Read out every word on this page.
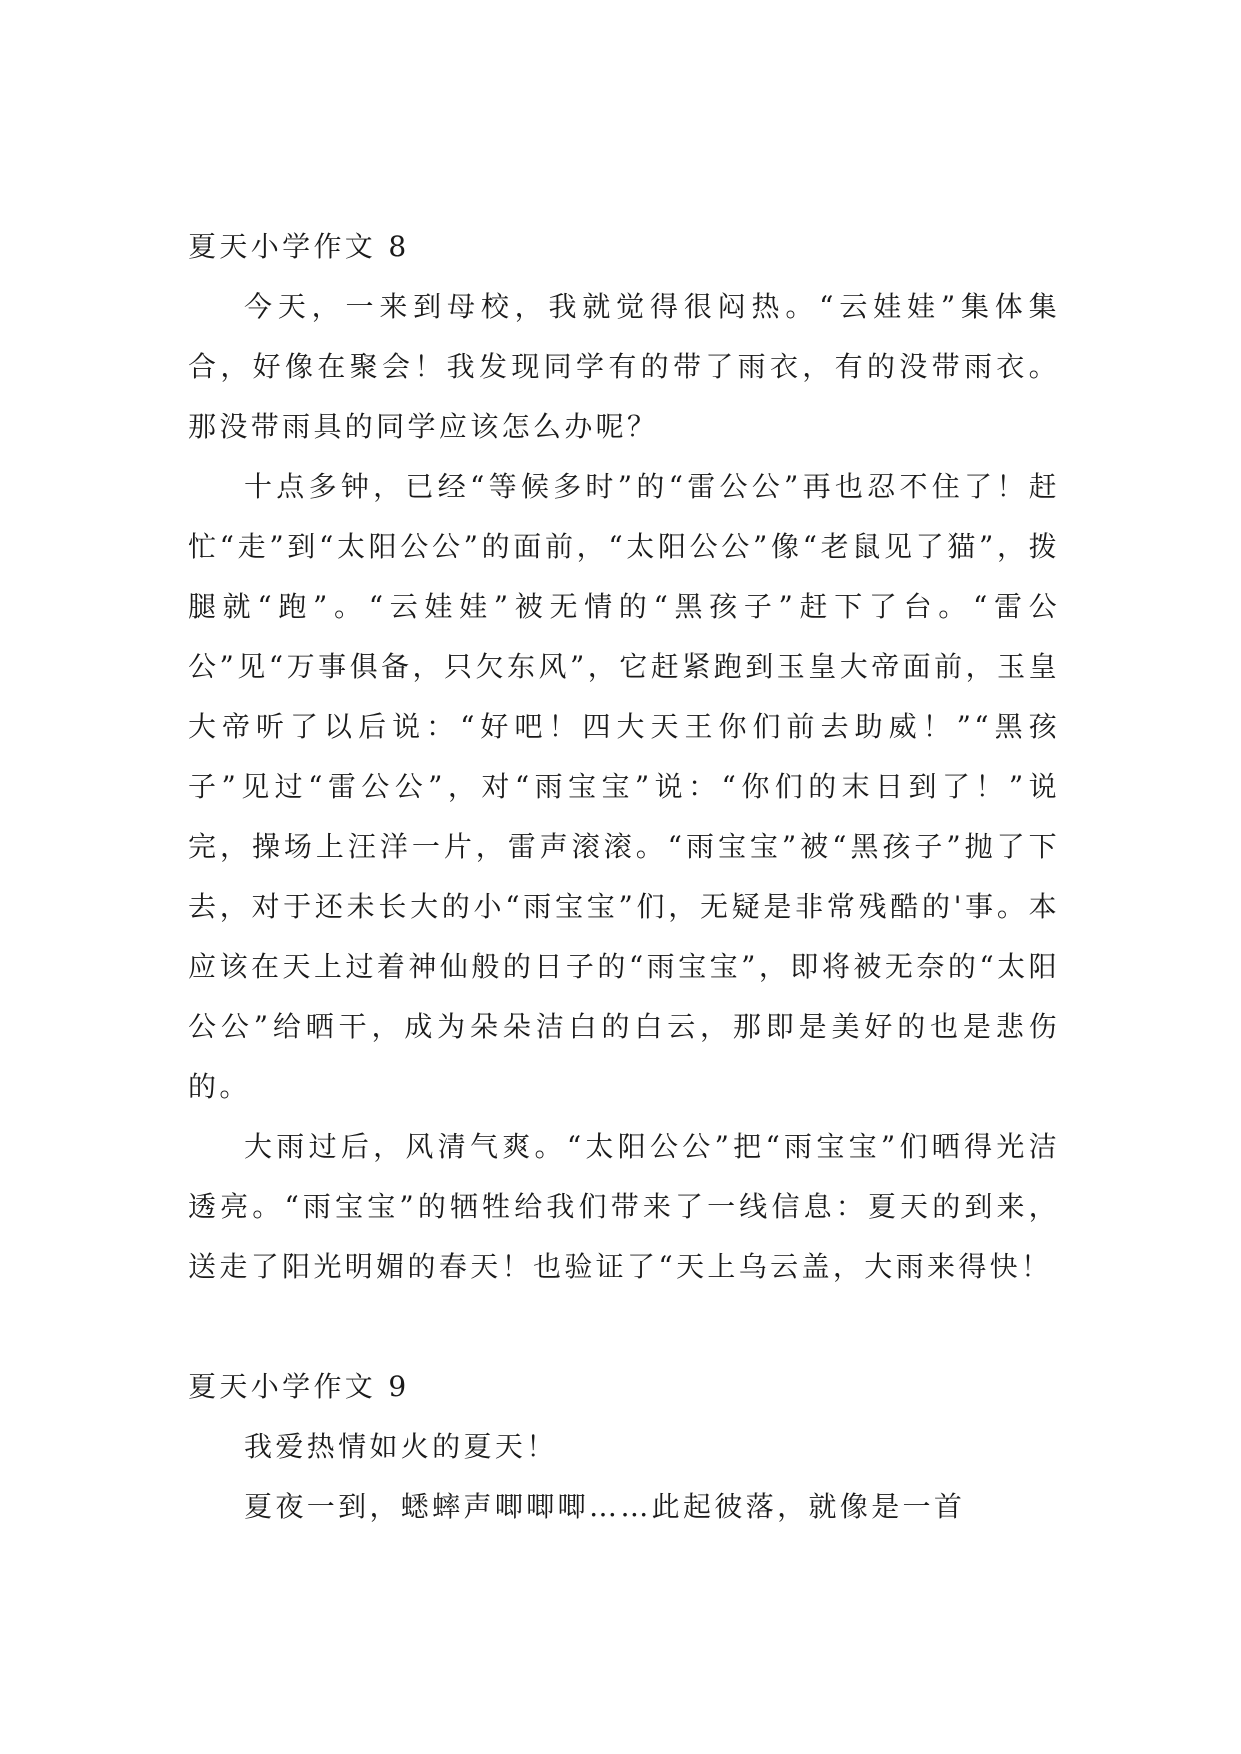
夏天小学作文 8

今天，一来到母校，我就觉得很闷热。“云娃娃”集体集合，好像在聚会！我发现同学有的带了雨衣，有的没带雨衣。那没带雨具的同学应该怎么办呢？

十点多钟，已经“等候多时”的“雷公公”再也忍不住了！赶忙“走”到“太阳公公”的面前，“太阳公公”像“老鼠见了猫”，拨腿就“跑”。“云娃娃”被无情的“黑孩子”赶下了台。“雷公公”见“万事俱备，只欠东风”，它赶紧跑到玉皇大帝面前，玉皇大帝听了以后说：“好吧！四大天王你们前去助威！”“黑孩子”见过“雷公公”，对“雨宝宝”说：“你们的末日到了！”说完，操场上汪洋一片，雷声滚滚。“雨宝宝”被“黑孩子”抛了下去，对于还未长大的小“雨宝宝”们，无疑是非常残酷的'事。本应该在天上过着神仙般的日子的“雨宝宝”，即将被无奈的“太阳公公”给晒干，成为朵朵洁白的白云，那即是美好的也是悲伤的。

大雨过后，风清气爽。“太阳公公”把“雨宝宝”们晒得光洁透亮。“雨宝宝”的牺牲给我们带来了一线信息：夏天的到来，送走了阳光明媚的春天！也验证了“天上乌云盖，大雨来得快！

夏天小学作文 9

我爱热情如火的夏天！

夏夜一到，蟋蟀声唧唧唧……此起彼落，就像是一首
